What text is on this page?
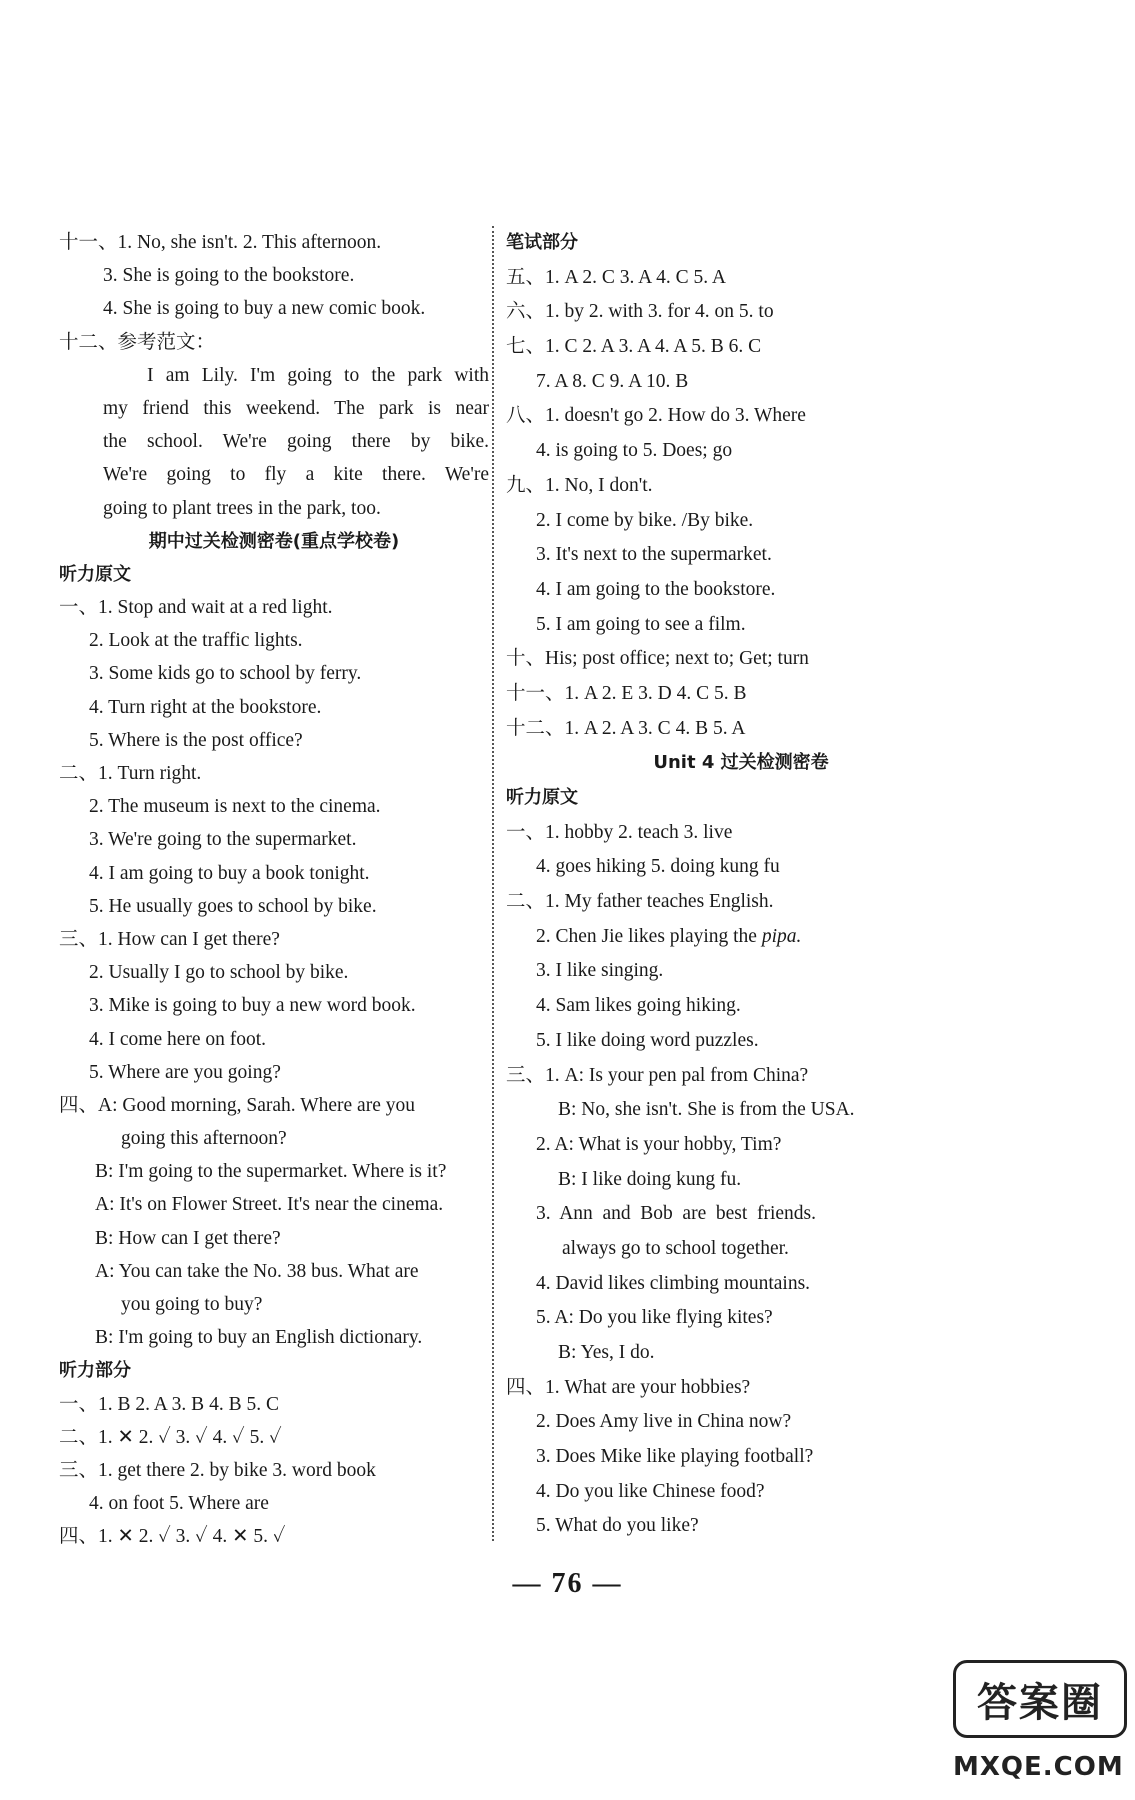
十一、1. No, she isn't. 2. This afternoon.
3. She is going to the bookstore.
4. She is going to buy a new comic book.
十二、参考范文：
I am Lily. I'm going to the park with
my friend this weekend. The park is near
the school. We're going there by bike.
We're going to fly a kite there. We're
going to plant trees in the park, too.
期中过关检测密卷(重点学校卷)
听力原文
一、1. Stop and wait at a red light.
2. Look at the traffic lights.
3. Some kids go to school by ferry.
4. Turn right at the bookstore.
5. Where is the post office?
二、1. Turn right.
2. The museum is next to the cinema.
3. We're going to the supermarket.
4. I am going to buy a book tonight.
5. He usually goes to school by bike.
三、1. How can I get there?
2. Usually I go to school by bike.
3. Mike is going to buy a new word book.
4. I come here on foot.
5. Where are you going?
四、A: Good morning, Sarah. Where are you
going this afternoon?
B: I'm going to the supermarket. Where is it?
A: It's on Flower Street. It's near the cinema.
B: How can I get there?
A: You can take the No. 38 bus. What are
you going to buy?
B: I'm going to buy an English dictionary.
听力部分
一、1. B 2. A 3. B 4. B 5. C
二、1. ✕ 2. ✓ 3. ✓ 4. ✓ 5. ✓
三、1. get there 2. by bike 3. word book
4. on foot 5. Where are
四、1. ✕ 2. ✓ 3. ✓ 4. ✕ 5. ✓
笔试部分
五、1. A 2. C 3. A 4. C 5. A
六、1. by 2. with 3. for 4. on 5. to
七、1. C 2. A 3. A 4. A 5. B 6. C
7. A 8. C 9. A 10. B
八、1. doesn't go 2. How do 3. Where
4. is going to 5. Does; go
九、1. No, I don't.
2. I come by bike. /By bike.
3. It's next to the supermarket.
4. I am going to the bookstore.
5. I am going to see a film.
十、His; post office; next to; Get; turn
十一、1. A 2. E 3. D 4. C 5. B
十二、1. A 2. A 3. C 4. B 5. A
Unit 4 过关检测密卷
听力原文
一、1. hobby 2. teach 3. live
4. goes hiking 5. doing kung fu
二、1. My father teaches English.
2. Chen Jie likes playing the pipa.
3. I like singing.
4. Sam likes going hiking.
5. I like doing word puzzles.
三、1. A: Is your pen pal from China?
B: No, she isn't. She is from the USA.
2. A: What is your hobby, Tim?
B: I like doing kung fu.
3. Ann and Bob are best friends.
always go to school together.
4. David likes climbing mountains.
5. A: Do you like flying kites?
B: Yes, I do.
四、1. What are your hobbies?
2. Does Amy live in China now?
3. Does Mike like playing football?
4. Do you like Chinese food?
5. What do you like?
— 76 —
答案圈
MXQE.COM
